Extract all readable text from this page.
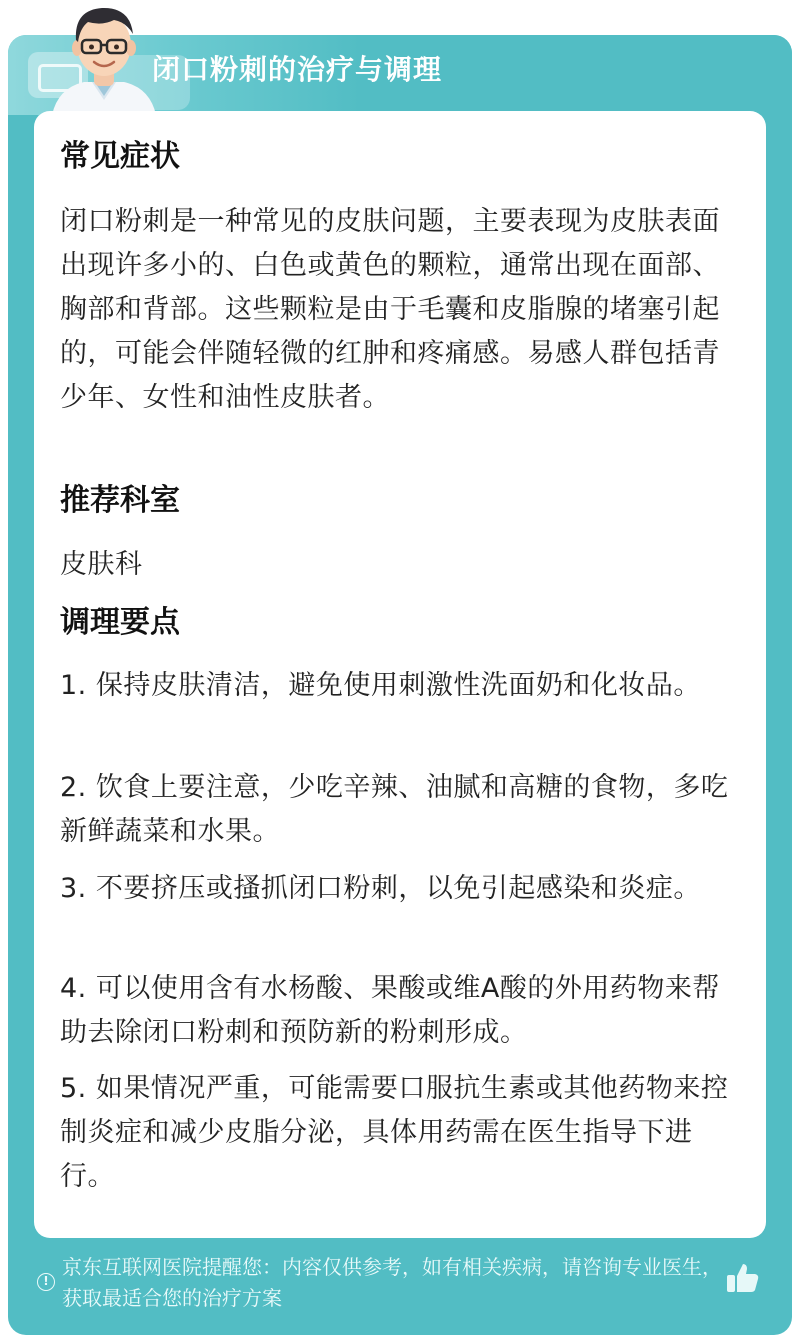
闭口粉刺的治疗与调理
常见症状
闭口粉刺是一种常见的皮肤问题，主要表现为皮肤表面出现许多小的、白色或黄色的颗粒，通常出现在面部、胸部和背部。这些颗粒是由于毛囊和皮脂腺的堵塞引起的，可能会伴随轻微的红肿和疼痛感。易感人群包括青少年、女性和油性皮肤者。
推荐科室
皮肤科
调理要点
1. 保持皮肤清洁，避免使用刺激性洗面奶和化妆品。
2. 饮食上要注意，少吃辛辣、油腻和高糖的食物，多吃新鲜蔬菜和水果。
3. 不要挤压或搔抓闭口粉刺，以免引起感染和炎症。
4. 可以使用含有水杨酸、果酸或维A酸的外用药物来帮助去除闭口粉刺和预防新的粉刺形成。
5. 如果情况严重，可能需要口服抗生素或其他药物来控制炎症和减少皮脂分泌，具体用药需在医生指导下进行。
!
京东互联网医院提醒您：内容仅供参考，如有相关疾病，请咨询专业医生，获取最适合您的治疗方案
